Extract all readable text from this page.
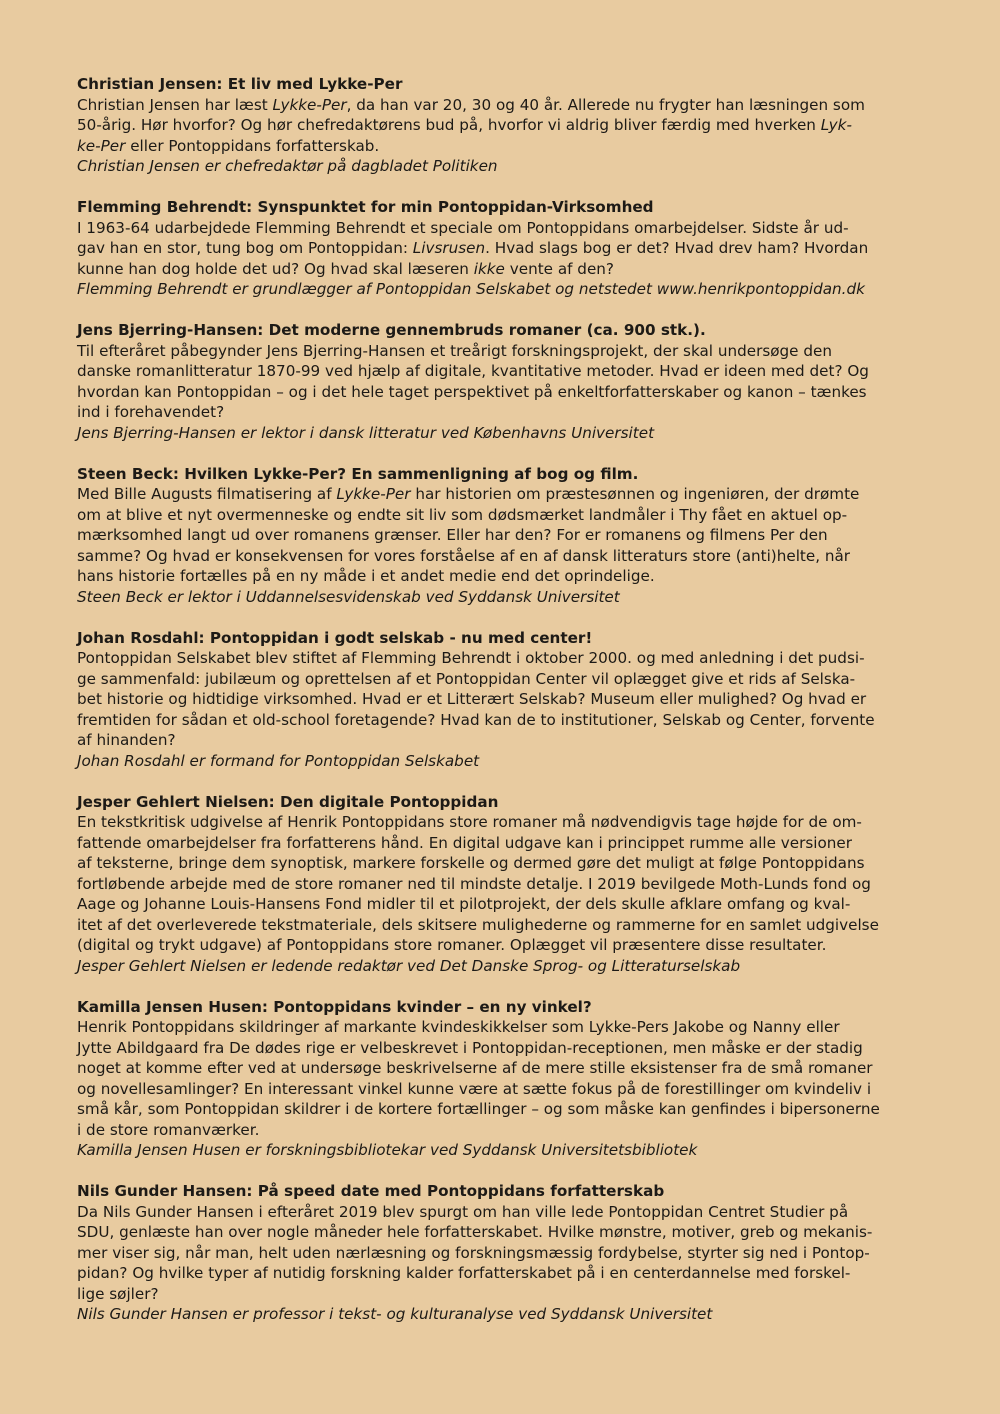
Christian Jensen: Et liv med Lykke-Per

Christian Jensen har læst Lykke-Per, da han var 20, 30 og 40 år. Allerede nu frygter han læsningen som

50-årig. Hør hvorfor? Og hør chefredaktørens bud på, hvorfor vi aldrig bliver færdig med hverken Lyk-

ke-Per eller Pontoppidans forfatterskab.

Christian Jensen er chefredaktør på dagbladet Politiken

Flemming Behrendt: Synspunktet for min Pontoppidan-Virksomhed

I 1963-64 udarbejdede Flemming Behrendt et speciale om Pontoppidans omarbejdelser. Sidste år ud-

gav han en stor, tung bog om Pontoppidan: Livsrusen. Hvad slags bog er det? Hvad drev ham? Hvordan

kunne han dog holde det ud? Og hvad skal læseren ikke vente af den?

Flemming Behrendt er grundlægger af Pontoppidan Selskabet og netstedet www.henrikpontoppidan.dk

Jens Bjerring-Hansen: Det moderne gennembruds romaner (ca. 900 stk.).

Til efteråret påbegynder Jens Bjerring-Hansen et treårigt forskningsprojekt, der skal undersøge den

danske romanlitteratur 1870-99 ved hjælp af digitale, kvantitative metoder. Hvad er ideen med det? Og

hvordan kan Pontoppidan – og i det hele taget perspektivet på enkeltforfatterskaber og kanon – tænkes

ind i forehavendet?

Jens Bjerring-Hansen er lektor i dansk litteratur ved Københavns Universitet

Steen Beck: Hvilken Lykke-Per? En sammenligning af bog og film.

Med Bille Augusts filmatisering af Lykke-Per har historien om præstesønnen og ingeniøren, der drømte

om at blive et nyt overmenneske og endte sit liv som dødsmærket landmåler i Thy fået en aktuel op-

mærksomhed langt ud over romanens grænser. Eller har den? For er romanens og filmens Per den

samme? Og hvad er konsekvensen for vores forståelse af en af dansk litteraturs store (anti)helte, når

hans historie fortælles på en ny måde i et andet medie end det oprindelige.

Steen Beck er lektor i Uddannelsesvidenskab ved Syddansk Universitet

Johan Rosdahl: Pontoppidan i godt selskab - nu med center!

Pontoppidan Selskabet blev stiftet af Flemming Behrendt i oktober 2000. og med anledning i det pudsi-

ge sammenfald: jubilæum og oprettelsen af et Pontoppidan Center vil oplægget give et rids af Selska-

bet historie og hidtidige virksomhed. Hvad er et Litterært Selskab? Museum eller mulighed? Og hvad er

fremtiden for sådan et old-school foretagende? Hvad kan de to institutioner, Selskab og Center, forvente

af hinanden?

Johan Rosdahl er formand for Pontoppidan Selskabet

Jesper Gehlert Nielsen: Den digitale Pontoppidan

En tekstkritisk udgivelse af Henrik Pontoppidans store romaner må nødvendigvis tage højde for de om-

fattende omarbejdelser fra forfatterens hånd. En digital udgave kan i princippet rumme alle versioner

af teksterne, bringe dem synoptisk, markere forskelle og dermed gøre det muligt at følge Pontoppidans

fortløbende arbejde med de store romaner ned til mindste detalje. I 2019 bevilgede Moth-Lunds fond og

Aage og Johanne Louis-Hansens Fond midler til et pilotprojekt, der dels skulle afklare omfang og kval-

itet af det overleverede tekstmateriale, dels skitsere mulighederne og rammerne for en samlet udgivelse

(digital og trykt udgave) af Pontoppidans store romaner. Oplægget vil præsentere disse resultater.

Jesper Gehlert Nielsen er ledende redaktør ved Det Danske Sprog- og Litteraturselskab

Kamilla Jensen Husen: Pontoppidans kvinder – en ny vinkel?

Henrik Pontoppidans skildringer af markante kvindeskikkelser som Lykke-Pers Jakobe og Nanny eller

Jytte Abildgaard fra De dødes rige er velbeskrevet i Pontoppidan-receptionen, men måske er der stadig

noget at komme efter ved at undersøge beskrivelserne af de mere stille eksistenser fra de små romaner

og novellesamlinger? En interessant vinkel kunne være at sætte fokus på de forestillinger om kvindeliv i

små kår, som Pontoppidan skildrer i de kortere fortællinger – og som måske kan genfindes i bipersonerne

i de store romanværker.

Kamilla Jensen Husen er forskningsbibliotekar ved Syddansk Universitetsbibliotek

Nils Gunder Hansen: På speed date med Pontoppidans forfatterskab

Da Nils Gunder Hansen i efteråret 2019 blev spurgt om han ville lede Pontoppidan Centret Studier på

SDU, genlæste han over nogle måneder hele forfatterskabet. Hvilke mønstre, motiver, greb og mekanis-

mer viser sig, når man, helt uden nærlæsning og forskningsmæssig fordybelse, styrter sig ned i Pontop-

pidan? Og hvilke typer af nutidig forskning kalder forfatterskabet på i en centerdannelse med forskel-

lige søjler?

Nils Gunder Hansen er professor i tekst- og kulturanalyse ved Syddansk Universitet
